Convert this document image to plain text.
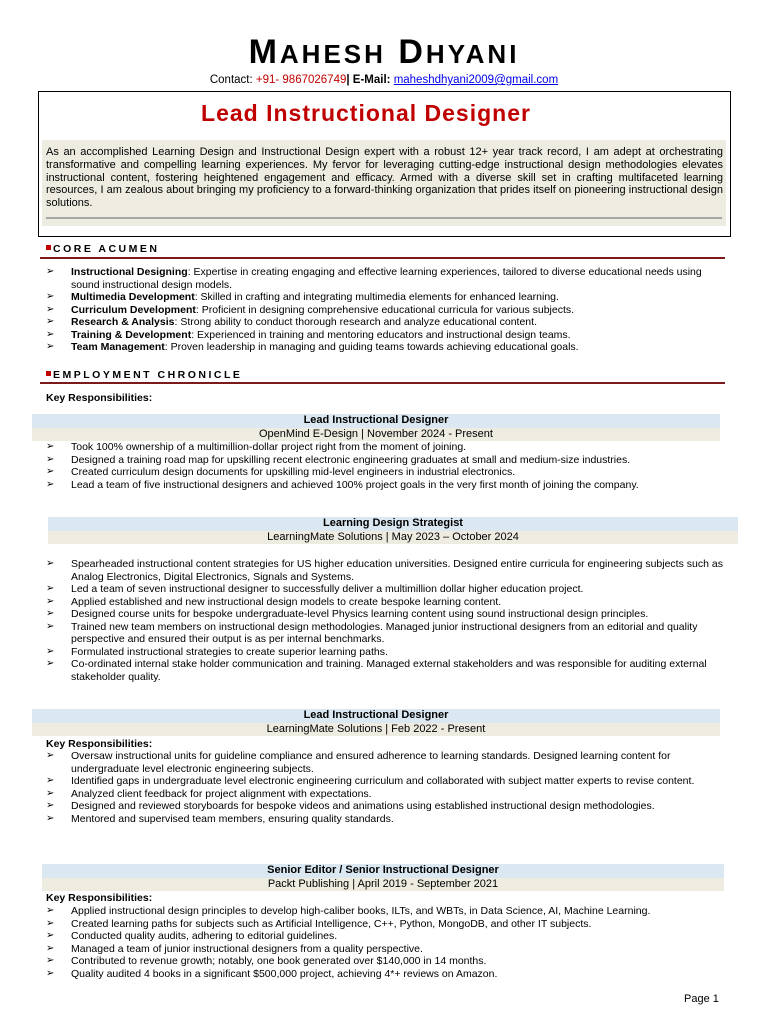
MAHESH DHYANI
Contact: +91- 9867026749| E-Mail: maheshdhyani2009@gmail.com
Lead Instructional Designer

As an accomplished Learning Design and Instructional Design expert with a robust 12+ year track record, I am adept at orchestrating transformative and compelling learning experiences. My fervor for leveraging cutting-edge instructional design methodologies elevates instructional content, fostering heightened engagement and efficacy. Armed with a diverse skill set in crafting multifaceted learning resources, I am zealous about bringing my proficiency to a forward-thinking organization that prides itself on pioneering instructional design solutions.

CORE ACUMEN
➢ Instructional Designing: Expertise in creating engaging and effective learning experiences, tailored to diverse educational needs using sound instructional design models.
➢ Multimedia Development: Skilled in crafting and integrating multimedia elements for enhanced learning.
➢ Curriculum Development: Proficient in designing comprehensive educational curricula for various subjects.
➢ Research & Analysis: Strong ability to conduct thorough research and analyze educational content.
➢ Training & Development: Experienced in training and mentoring educators and instructional design teams.
➢ Team Management: Proven leadership in managing and guiding teams towards achieving educational goals.
EMPLOYMENT CHRONICLE
Key Responsibilities:
Lead Instructional Designer
OpenMind E-Design | November 2024 - Present
➢ Took 100% ownership of a multimillion-dollar project right from the moment of joining.
➢ Designed a training road map for upskilling recent electronic engineering graduates at small and medium-size industries.
➢ Created curriculum design documents for upskilling mid-level engineers in industrial electronics.
➢ Lead a team of five instructional designers and achieved 100% project goals in the very first month of joining the company.
Learning Design Strategist
LearningMate Solutions | May 2023 – October 2024
➢ Spearheaded instructional content strategies for US higher education universities. Designed entire curricula for engineering subjects such as Analog Electronics, Digital Electronics, Signals and Systems.
➢ Led a team of seven instructional designer to successfully deliver a multimillion dollar higher education project.
➢ Applied established and new instructional design models to create bespoke learning content.
➢ Designed course units for bespoke undergraduate-level Physics learning content using sound instructional design principles.
➢ Trained new team members on instructional design methodologies. Managed junior instructional designers from an editorial and quality perspective and ensured their output is as per internal benchmarks.
➢ Formulated instructional strategies to create superior learning paths.
➢ Co-ordinated internal stake holder communication and training. Managed external stakeholders and was responsible for auditing external stakeholder quality.
Lead Instructional Designer
LearningMate Solutions | Feb 2022 - Present
Key Responsibilities:
➢ Oversaw instructional units for guideline compliance and ensured adherence to learning standards. Designed learning content for undergraduate level electronic engineering subjects.
➢ Identified gaps in undergraduate level electronic engineering curriculum and collaborated with subject matter experts to revise content.
➢ Analyzed client feedback for project alignment with expectations.
➢ Designed and reviewed storyboards for bespoke videos and animations using established instructional design methodologies.
➢ Mentored and supervised team members, ensuring quality standards.
Senior Editor / Senior Instructional Designer
Packt Publishing | April 2019 - September 2021
Key Responsibilities:
➢ Applied instructional design principles to develop high-caliber books, ILTs, and WBTs, in Data Science, AI, Machine Learning.
➢ Created learning paths for subjects such as Artificial Intelligence, C++, Python, MongoDB, and other IT subjects.
➢ Conducted quality audits, adhering to editorial guidelines.
➢ Managed a team of junior instructional designers from a quality perspective.
➢ Contributed to revenue growth; notably, one book generated over $140,000 in 14 months.
➢ Quality audited 4 books in a significant $500,000 project, achieving 4*+ reviews on Amazon.
Page 1
